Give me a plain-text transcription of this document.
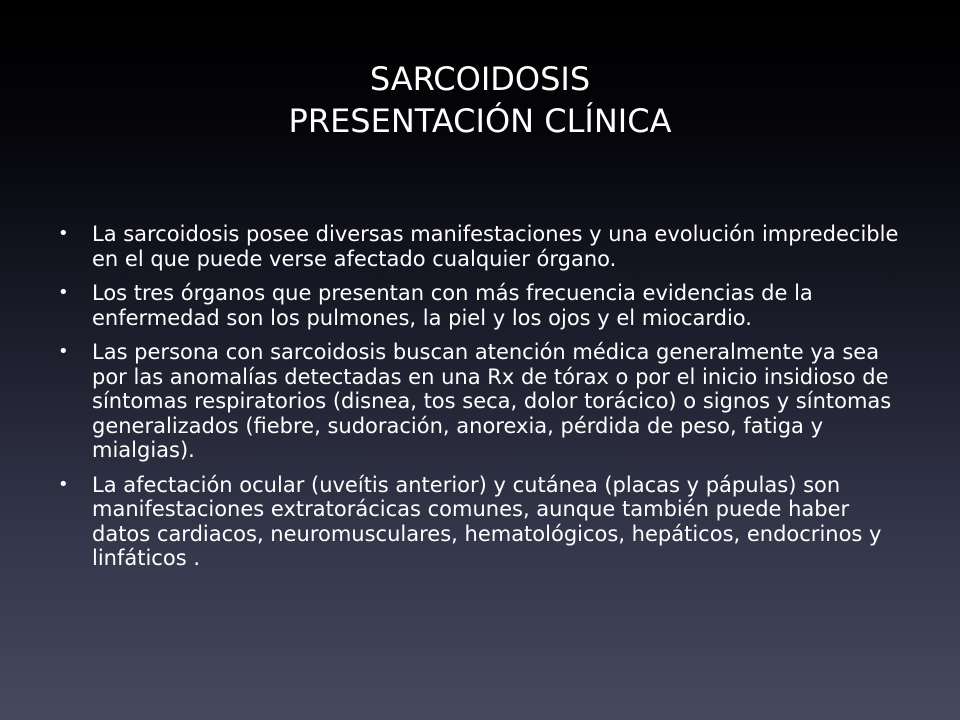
SARCOIDOSIS
PRESENTACIÓN CLÍNICA
• La sarcoidosis posee diversas manifestaciones y una evolución impredecible en el que puede verse afectado cualquier órgano.
• Los tres órganos que presentan con más frecuencia evidencias de la enfermedad son los pulmones, la piel y los ojos y el miocardio.
• Las persona con sarcoidosis buscan atención médica generalmente ya sea por las anomalías detectadas en una Rx de tórax o por el inicio insidioso de síntomas respiratorios (disnea, tos seca, dolor torácico) o signos y síntomas generalizados (fiebre, sudoración, anorexia, pérdida de peso, fatiga y mialgias).
• La afectación ocular (uveítis anterior) y cutánea (placas y pápulas) son manifestaciones extratorácicas comunes, aunque también puede haber datos cardiacos, neuromusculares, hematológicos, hepáticos, endocrinos y linfáticos .
